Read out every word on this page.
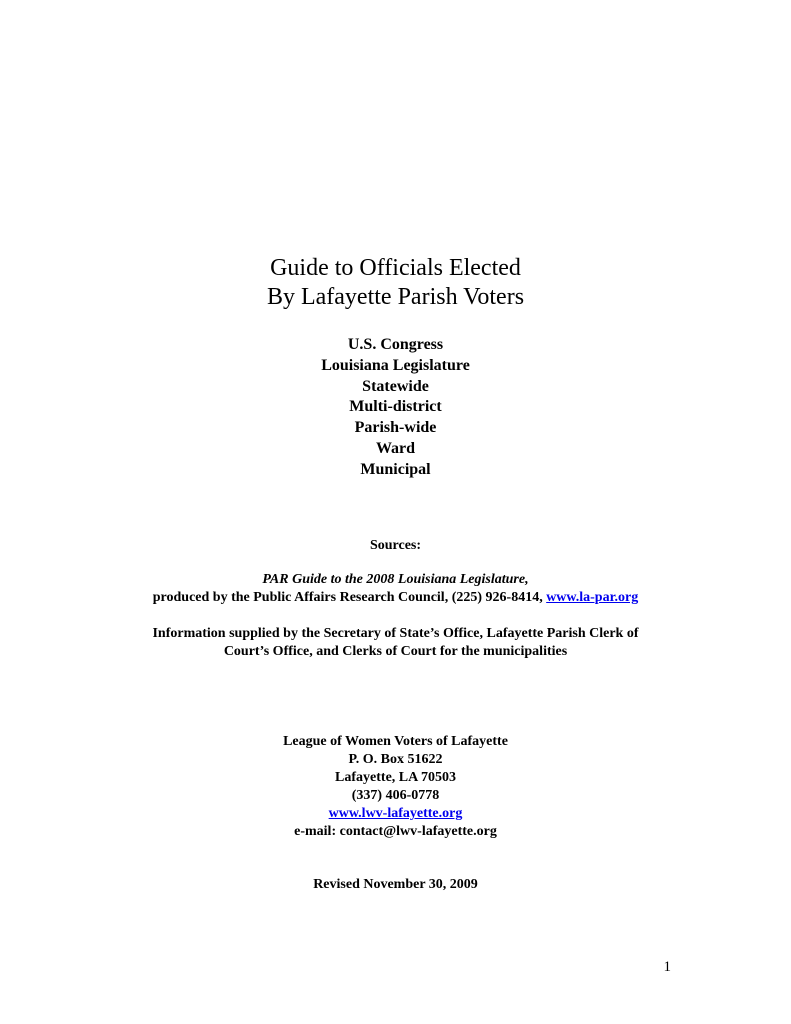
Guide to Officials Elected

By Lafayette Parish Voters

U.S. Congress
Louisiana Legislature
Statewide
Multi-district
Parish-wide
Ward
Municipal
Sources:
PAR Guide to the 2008 Louisiana Legislature,
produced by the Public Affairs Research Council, (225) 926-8414, www.la-par.org
Information supplied by the Secretary of State’s Office, Lafayette Parish Clerk of
Court’s Office, and Clerks of Court for the municipalities
League of Women Voters of Lafayette
P. O. Box 51622
Lafayette, LA 70503
(337) 406-0778
www.lwv-lafayette.org
e-mail: contact@lwv-lafayette.org
Revised November 30, 2009
1
